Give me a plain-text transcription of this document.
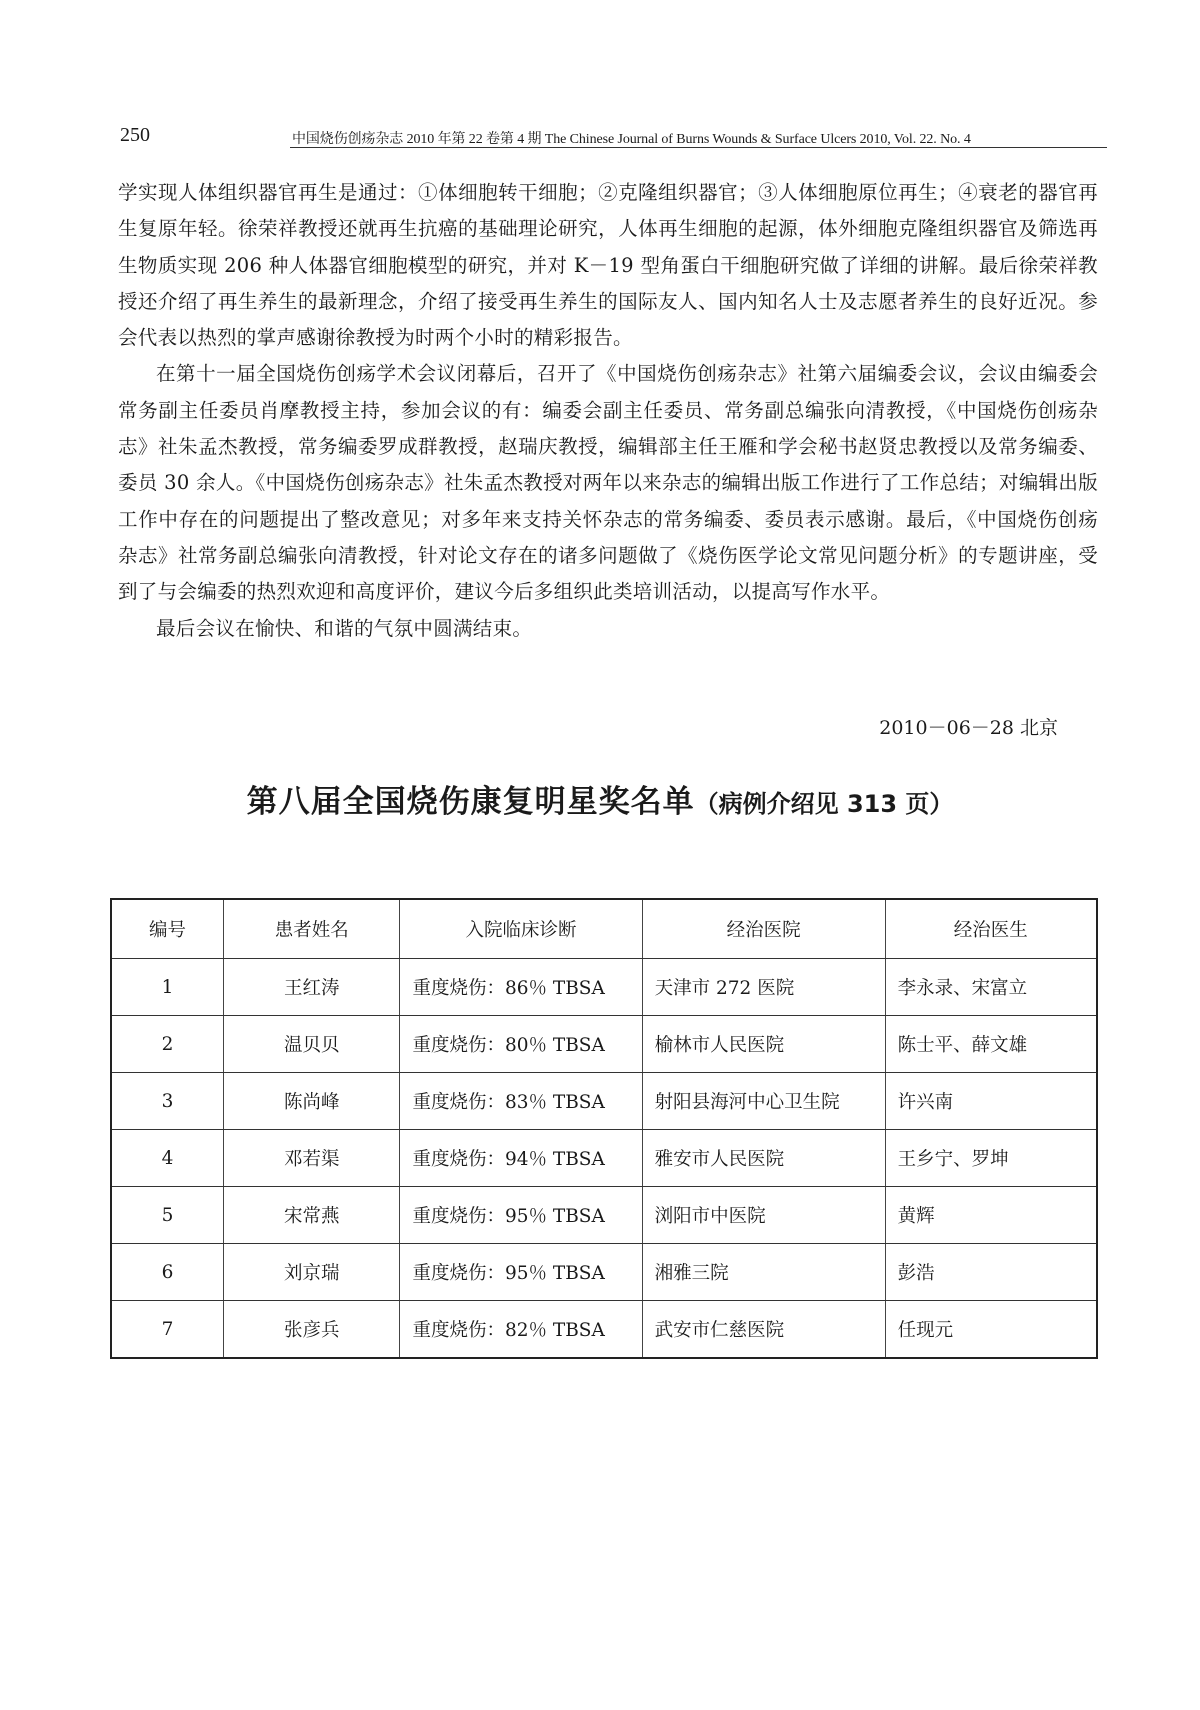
250	中国烧伤创疡杂志 2010 年第 22 卷第 4 期 The Chinese Journal of Burns Wounds & Surface Ulcers 2010, Vol. 22. No. 4

学实现人体组织器官再生是通过：①体细胞转干细胞；②克隆组织器官；③人体细胞原位再生；④衰老的器官再生复原年轻。徐荣祥教授还就再生抗癌的基础理论研究，人体再生细胞的起源，体外细胞克隆组织器官及筛选再生物质实现 206 种人体器官细胞模型的研究，并对 K－19 型角蛋白干细胞研究做了详细的讲解。最后徐荣祥教授还介绍了再生养生的最新理念，介绍了接受再生养生的国际友人、国内知名人士及志愿者养生的良好近况。参会代表以热烈的掌声感谢徐教授为时两个小时的精彩报告。

在第十一届全国烧伤创疡学术会议闭幕后，召开了《中国烧伤创疡杂志》社第六届编委会议，会议由编委会常务副主任委员肖摩教授主持，参加会议的有：编委会副主任委员、常务副总编张向清教授，《中国烧伤创疡杂志》社朱孟杰教授，常务编委罗成群教授，赵瑞庆教授，编辑部主任王雁和学会秘书赵贤忠教授以及常务编委、委员 30 余人。《中国烧伤创疡杂志》社朱孟杰教授对两年以来杂志的编辑出版工作进行了工作总结；对编辑出版工作中存在的问题提出了整改意见；对多年来支持关怀杂志的常务编委、委员表示感谢。最后，《中国烧伤创疡杂志》社常务副总编张向清教授，针对论文存在的诸多问题做了《烧伤医学论文常见问题分析》的专题讲座，受到了与会编委的热烈欢迎和高度评价，建议今后多组织此类培训活动，以提高写作水平。

最后会议在愉快、和谐的气氛中圆满结束。

2010－06－28 北京
第八届全国烧伤康复明星奖名单（病例介绍见 313 页）
编号	患者姓名	入院临床诊断	经治医院	经治医生
1	王红涛	重度烧伤：86％ TBSA	天津市 272 医院	李永录、宋富立
2	温贝贝	重度烧伤：80％ TBSA	榆林市人民医院	陈士平、薛文雄
3	陈尚峰	重度烧伤：83％ TBSA	射阳县海河中心卫生院	许兴南
4	邓若渠	重度烧伤：94％ TBSA	雅安市人民医院	王乡宁、罗坤
5	宋常燕	重度烧伤：95％ TBSA	浏阳市中医院	黄辉
6	刘京瑞	重度烧伤：95％ TBSA	湘雅三院	彭浩
7	张彦兵	重度烧伤：82％ TBSA	武安市仁慈医院	任现元
